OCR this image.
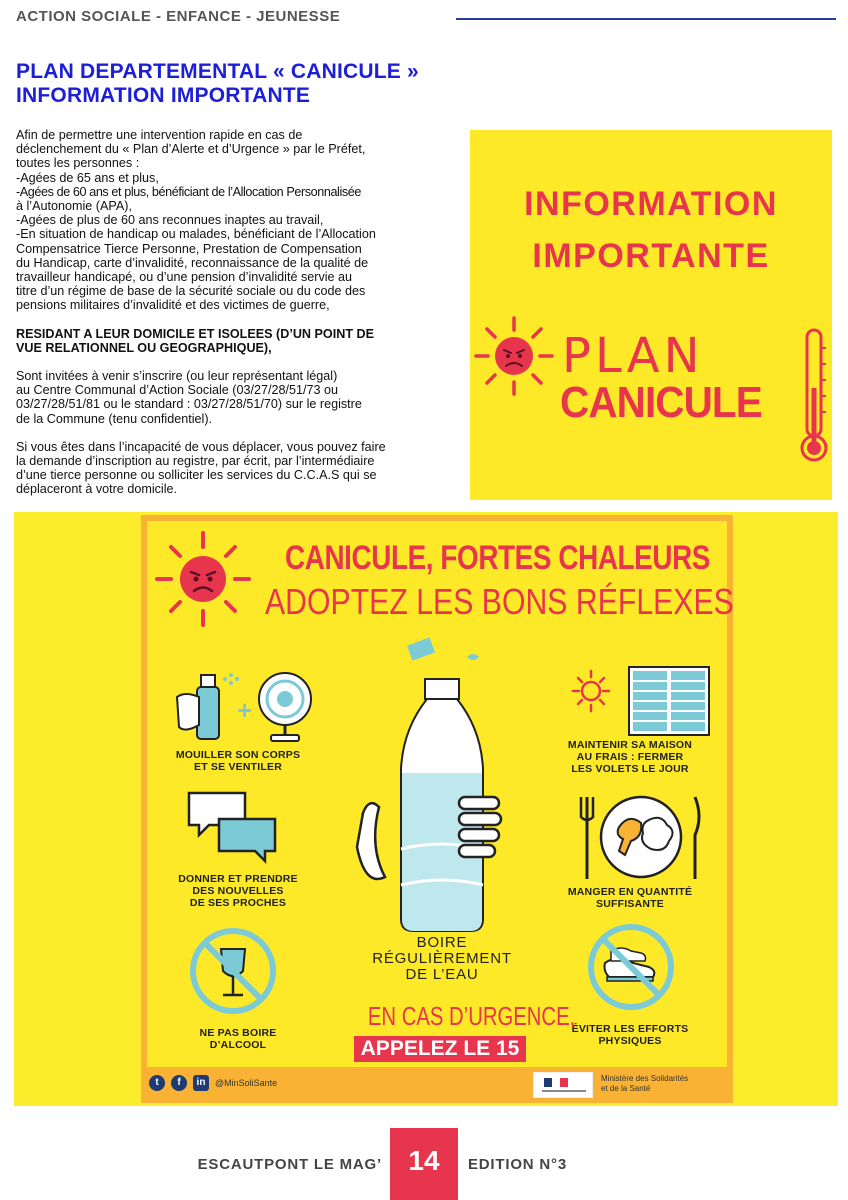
ACTION SOCIALE - ENFANCE - JEUNESSE
PLAN DEPARTEMENTAL « CANICULE »
INFORMATION IMPORTANTE

Afin de permettre une intervention rapide en cas de
déclenchement du « Plan d’Alerte et d’Urgence » par le Préfet,
toutes les personnes :
-Agées de 65 ans et plus,
-Agées de 60 ans et plus, bénéficiant de l’Allocation Personnalisée
à l’Autonomie (APA),
-Agées de plus de 60 ans reconnues inaptes au travail,
-En situation de handicap ou malades, bénéficiant de l’Allocation
Compensatrice Tierce Personne, Prestation de Compensation
du Handicap, carte d’invalidité, reconnaissance de la qualité de
travailleur handicapé, ou d’une pension d’invalidité servie au
titre d’un régime de base de la sécurité sociale ou du code des
pensions militaires d’invalidité et des victimes de guerre,

RESIDANT A LEUR DOMICILE ET ISOLEES (D’UN POINT DE
VUE RELATIONNEL OU GEOGRAPHIQUE),

Sont invitées à venir s’inscrire (ou leur représentant légal)
au Centre Communal d’Action Sociale (03/27/28/51/73 ou
03/27/28/51/81 ou le standard : 03/27/28/51/70) sur le registre
de la Commune (tenu confidentiel).

Si vous êtes dans l’incapacité de vous déplacer, vous pouvez faire
la demande d’inscription au registre, par écrit, par l’intermédiaire
d’une tierce personne ou solliciter les services du C.C.A.S qui se
déplaceront à votre domicile.

INFORMATION
IMPORTANTE
PLAN
CANICULE
CANICULE, FORTES CHALEURS
ADOPTEZ LES BONS RÉFLEXES
+
MOUILLER SON CORPS
ET SE VENTILER
DONNER ET PRENDRE
DES NOUVELLES
DE SES PROCHES
NE PAS BOIRE
D’ALCOOL
BOIRE
RÉGULIÈREMENT
DE L’EAU
MAINTENIR SA MAISON
AU FRAIS : FERMER
LES VOLETS LE JOUR
MANGER EN QUANTITÉ
SUFFISANTE
ÉVITER LES EFFORTS
PHYSIQUES
EN CAS D’URGENCE,
APPELEZ LE 15
t	f	in	@MinSoliSante	Ministère des Solidarités
et de la Santé
ESCAUTPONT LE MAG’ 14	EDITION N°3
